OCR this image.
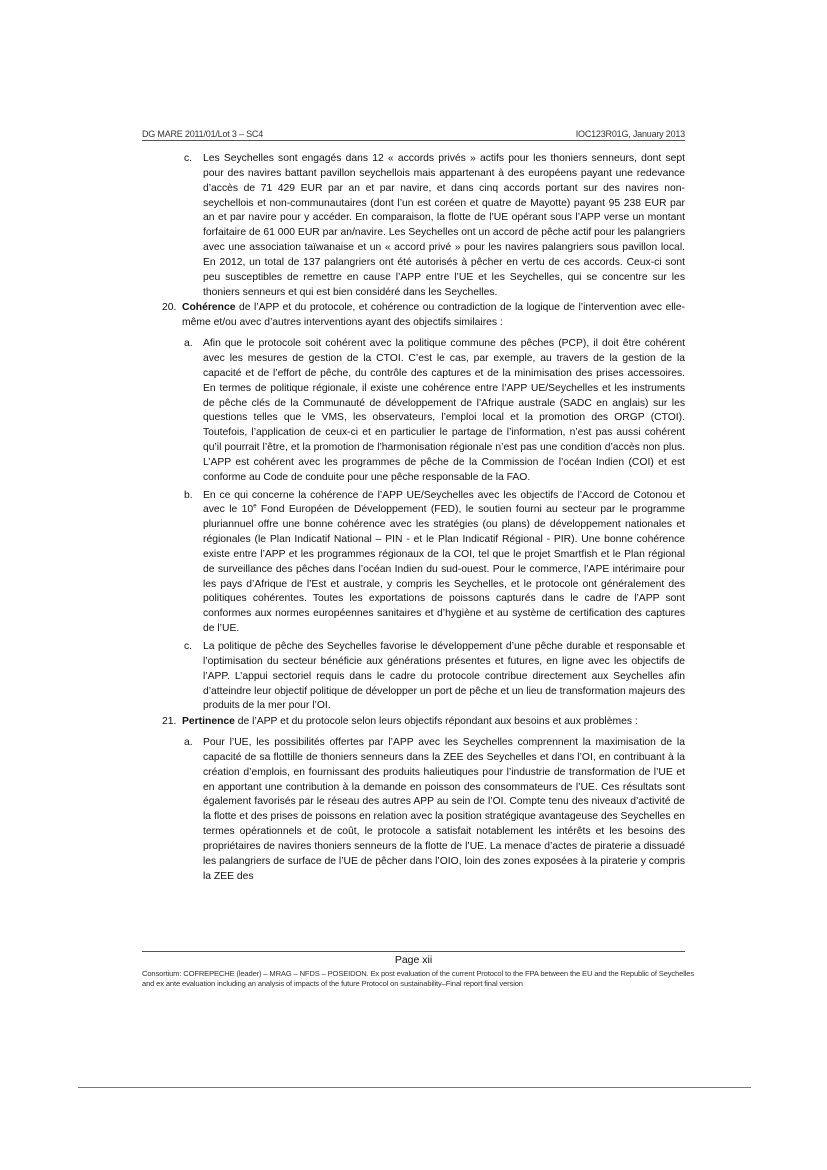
DG MARE 2011/01/Lot 3 – SC4	IOC123R01G, January 2013

c. Les Seychelles sont engagés dans 12 « accords privés » actifs pour les thoniers senneurs, dont sept pour des navires battant pavillon seychellois mais appartenant à des européens payant une redevance d’accès de 71 429 EUR par an et par navire, et dans cinq accords portant sur des navires non-seychellois et non-communautaires (dont l’un est coréen et quatre de Mayotte) payant 95 238 EUR par an et par navire pour y accéder. En comparaison, la flotte de l’UE opérant sous l’APP verse un montant forfaitaire de 61 000 EUR par an/navire. Les Seychelles ont un accord de pêche actif pour les palangriers avec une association taïwanaise et un « accord privé » pour les navires palangriers sous pavillon local. En 2012, un total de 137 palangriers ont été autorisés à pêcher en vertu de ces accords. Ceux-ci sont peu susceptibles de remettre en cause l’APP entre l’UE et les Seychelles, qui se concentre sur les thoniers senneurs et qui est bien considéré dans les Seychelles.

20. Cohérence de l’APP et du protocole, et cohérence ou contradiction de la logique de l’intervention avec elle-même et/ou avec d’autres interventions ayant des objectifs similaires :

a. Afin que le protocole soit cohérent avec la politique commune des pêches (PCP), il doit être cohérent avec les mesures de gestion de la CTOI. C’est le cas, par exemple, au travers de la gestion de la capacité et de l’effort de pêche, du contrôle des captures et de la minimisation des prises accessoires. En termes de politique régionale, il existe une cohérence entre l’APP UE/Seychelles et les instruments de pêche clés de la Communauté de développement de l’Afrique australe (SADC en anglais) sur les questions telles que le VMS, les observateurs, l’emploi local et la promotion des ORGP (CTOI). Toutefois, l’application de ceux-ci et en particulier le partage de l’information, n’est pas aussi cohérent qu’il pourrait l’être, et la promotion de l’harmonisation régionale n’est pas une condition d’accès non plus. L’APP est cohérent avec les programmes de pêche de la Commission de l’océan Indien (COI) et est conforme au Code de conduite pour une pêche responsable de la FAO.

b. En ce qui concerne la cohérence de l’APP UE/Seychelles avec les objectifs de l’Accord de Cotonou et avec le 10e Fond Européen de Développement (FED), le soutien fourni au secteur par le programme pluriannuel offre une bonne cohérence avec les stratégies (ou plans) de développement nationales et régionales (le Plan Indicatif National – PIN - et le Plan Indicatif Régional - PIR). Une bonne cohérence existe entre l’APP et les programmes régionaux de la COI, tel que le projet Smartfish et le Plan régional de surveillance des pêches dans l’océan Indien du sud-ouest. Pour le commerce, l’APE intérimaire pour les pays d’Afrique de l’Est et australe, y compris les Seychelles, et le protocole ont généralement des politiques cohérentes. Toutes les exportations de poissons capturés dans le cadre de l’APP sont conformes aux normes européennes sanitaires et d’hygiène et au système de certification des captures de l’UE.

c. La politique de pêche des Seychelles favorise le développement d’une pêche durable et responsable et l’optimisation du secteur bénéficie aux générations présentes et futures, en ligne avec les objectifs de l’APP. L’appui sectoriel requis dans le cadre du protocole contribue directement aux Seychelles afin d’atteindre leur objectif politique de développer un port de pêche et un lieu de transformation majeurs des produits de la mer pour l’OI.

21. Pertinence de l’APP et du protocole selon leurs objectifs répondant aux besoins et aux problèmes :

a. Pour l’UE, les possibilités offertes par l’APP avec les Seychelles comprennent la maximisation de la capacité de sa flottille de thoniers senneurs dans la ZEE des Seychelles et dans l’OI, en contribuant à la création d’emplois, en fournissant des produits halieutiques pour l’industrie de transformation de l’UE et en apportant une contribution à la demande en poisson des consommateurs de l’UE. Ces résultats sont également favorisés par le réseau des autres APP au sein de l’OI. Compte tenu des niveaux d’activité de la flotte et des prises de poissons en relation avec la position stratégique avantageuse des Seychelles en termes opérationnels et de coût, le protocole a satisfait notablement les intérêts et les besoins des propriétaires de navires thoniers senneurs de la flotte de l’UE. La menace d’actes de piraterie a dissuadé les palangriers de surface de l’UE de pêcher dans l’OIO, loin des zones exposées à la piraterie y compris la ZEE des

Page xii
Consortium: COFREPECHE (leader) – MRAG – NFDS – POSEIDON. Ex post evaluation of the current Protocol to the FPA between the EU and the Republic of Seychelles and ex ante evaluation including an analysis of impacts of the future Protocol on sustainability–Final report final version
